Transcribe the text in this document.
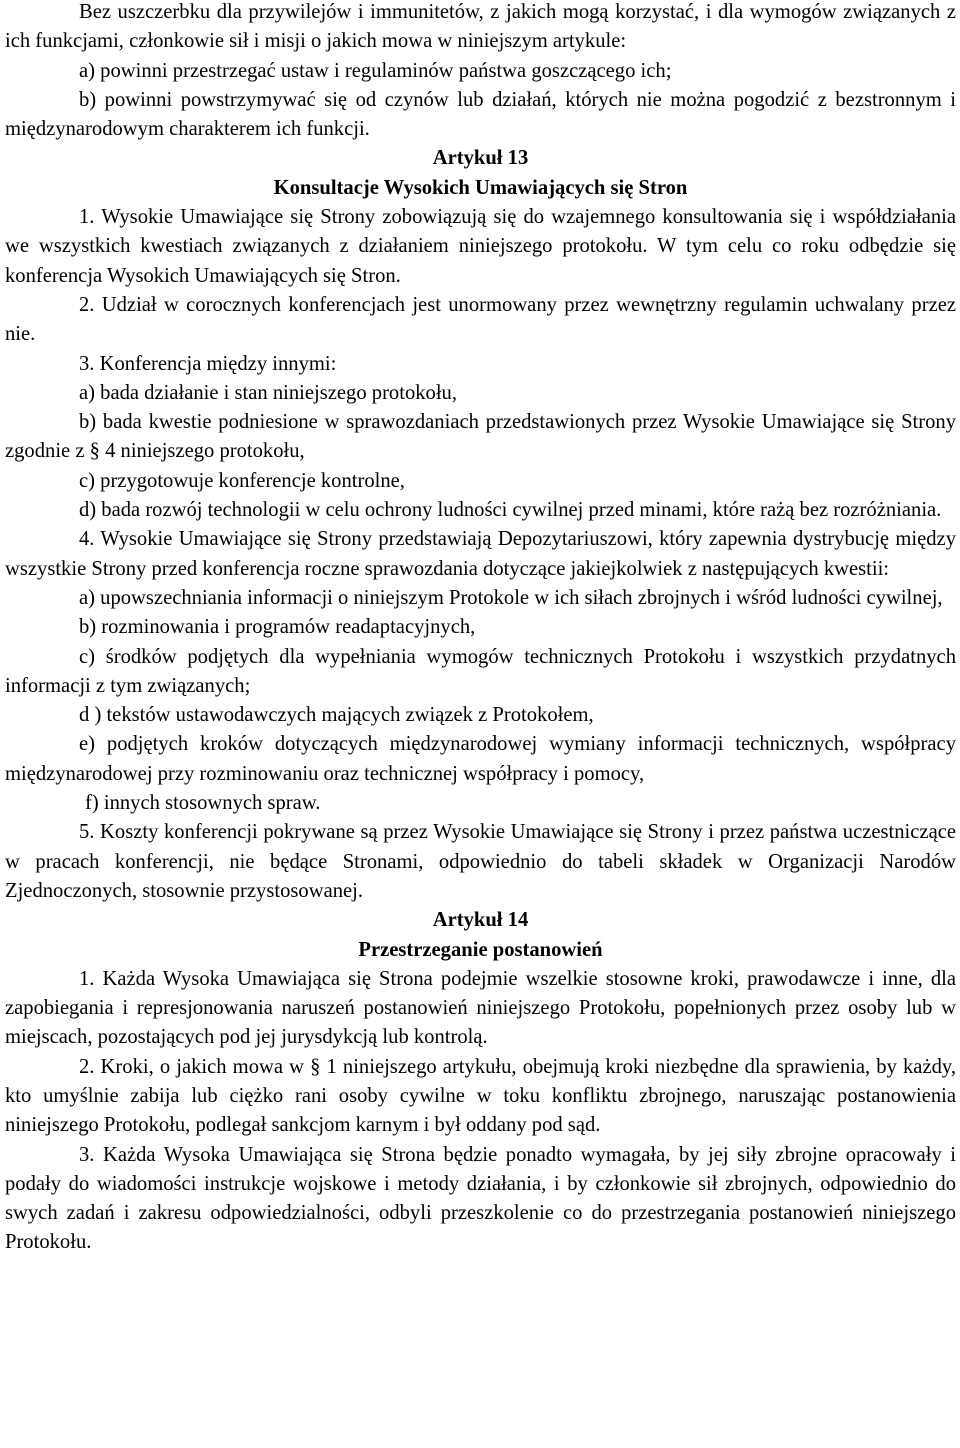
Bez uszczerbku dla przywilejów i immunitetów, z jakich mogą korzystać, i dla wymogów związanych z ich funkcjami, członkowie sił i misji o jakich mowa w niniejszym artykule:

a) powinni przestrzegać ustaw i regulaminów państwa goszczącego ich;

b) powinni powstrzymywać się od czynów lub działań, których nie można pogodzić z bezstronnym i międzynarodowym charakterem ich funkcji.

Artykuł 13
Konsultacje Wysokich Umawiających się Stron

1. Wysokie Umawiające się Strony zobowiązują się do wzajemnego konsultowania się i współdziałania we wszystkich kwestiach związanych z działaniem niniejszego protokołu. W tym celu co roku odbędzie się konferencja Wysokich Umawiających się Stron.

2. Udział w corocznych konferencjach jest unormowany przez wewnętrzny regulamin uchwalany przez nie.

3. Konferencja między innymi:

a) bada działanie i stan niniejszego protokołu,

b) bada kwestie podniesione w sprawozdaniach przedstawionych przez Wysokie Umawiające się Strony zgodnie z § 4 niniejszego protokołu,

c) przygotowuje konferencje kontrolne,

d) bada rozwój technologii w celu ochrony ludności cywilnej przed minami, które rażą bez rozróżniania.

4. Wysokie Umawiające się Strony przedstawiają Depozytariuszowi, który zapewnia dystrybucję między wszystkie Strony przed konferencja roczne sprawozdania dotyczące jakiejkolwiek z następujących kwestii:

a) upowszechniania informacji o niniejszym Protokole w ich siłach zbrojnych i wśród ludności cywilnej,

b) rozminowania i programów readaptacyjnych,

c) środków podjętych dla wypełniania wymogów technicznych Protokołu i wszystkich przydatnych informacji z tym związanych;

d ) tekstów ustawodawczych mających związek z Protokołem,

e) podjętych kroków dotyczących międzynarodowej wymiany informacji technicznych, współpracy międzynarodowej przy rozminowaniu oraz technicznej współpracy i pomocy,

f) innych stosownych spraw.

5. Koszty konferencji pokrywane są przez Wysokie Umawiające się Strony i przez państwa uczestniczące w pracach konferencji, nie będące Stronami, odpowiednio do tabeli składek w Organizacji Narodów Zjednoczonych, stosownie przystosowanej.

Artykuł 14
Przestrzeganie postanowień

1. Każda Wysoka Umawiająca się Strona podejmie wszelkie stosowne kroki, prawodawcze i inne, dla zapobiegania i represjonowania naruszeń postanowień niniejszego Protokołu, popełnionych przez osoby lub w miejscach, pozostających pod jej jurysdykcją lub kontrolą.

2. Kroki, o jakich mowa w § 1 niniejszego artykułu, obejmują kroki niezbędne dla sprawienia, by każdy, kto umyślnie zabija lub ciężko rani osoby cywilne w toku konfliktu zbrojnego, naruszając postanowienia niniejszego Protokołu, podlegał sankcjom karnym i był oddany pod sąd.

3. Każda Wysoka Umawiająca się Strona będzie ponadto wymagała, by jej siły zbrojne opracowały i podały do wiadomości instrukcje wojskowe i metody działania, i by członkowie sił zbrojnych, odpowiednio do swych zadań i zakresu odpowiedzialności, odbyli przeszkolenie co do przestrzegania postanowień niniejszego Protokołu.
